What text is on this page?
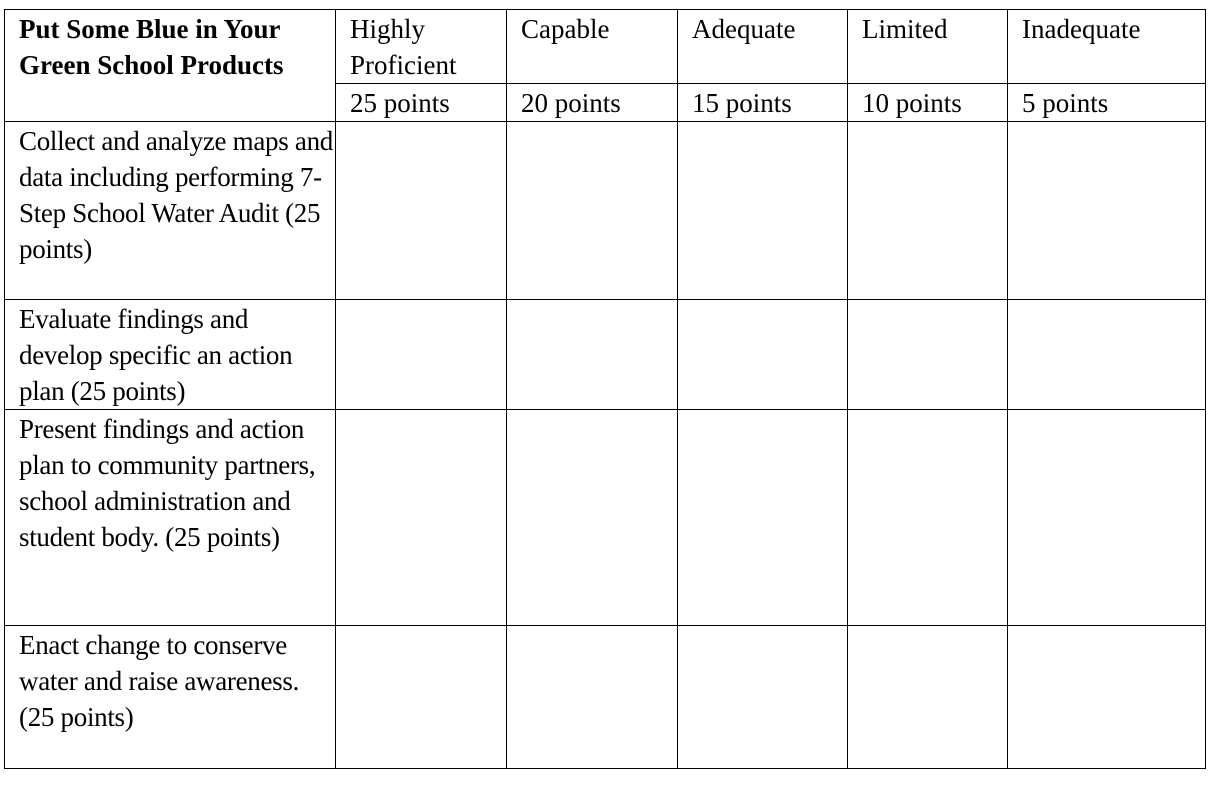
Put Some Blue in Your Green School Products	Highly Proficient	Capable	Adequate	Limited	Inadequate
	25 points	20 points	15 points	10 points	5 points
Collect and analyze maps and data including performing 7-Step School Water Audit (25 points)					
Evaluate findings and develop specific an action plan (25 points)					
Present findings and action plan to community partners, school administration and student body. (25 points)					
Enact change to conserve water and raise awareness. (25 points)					
